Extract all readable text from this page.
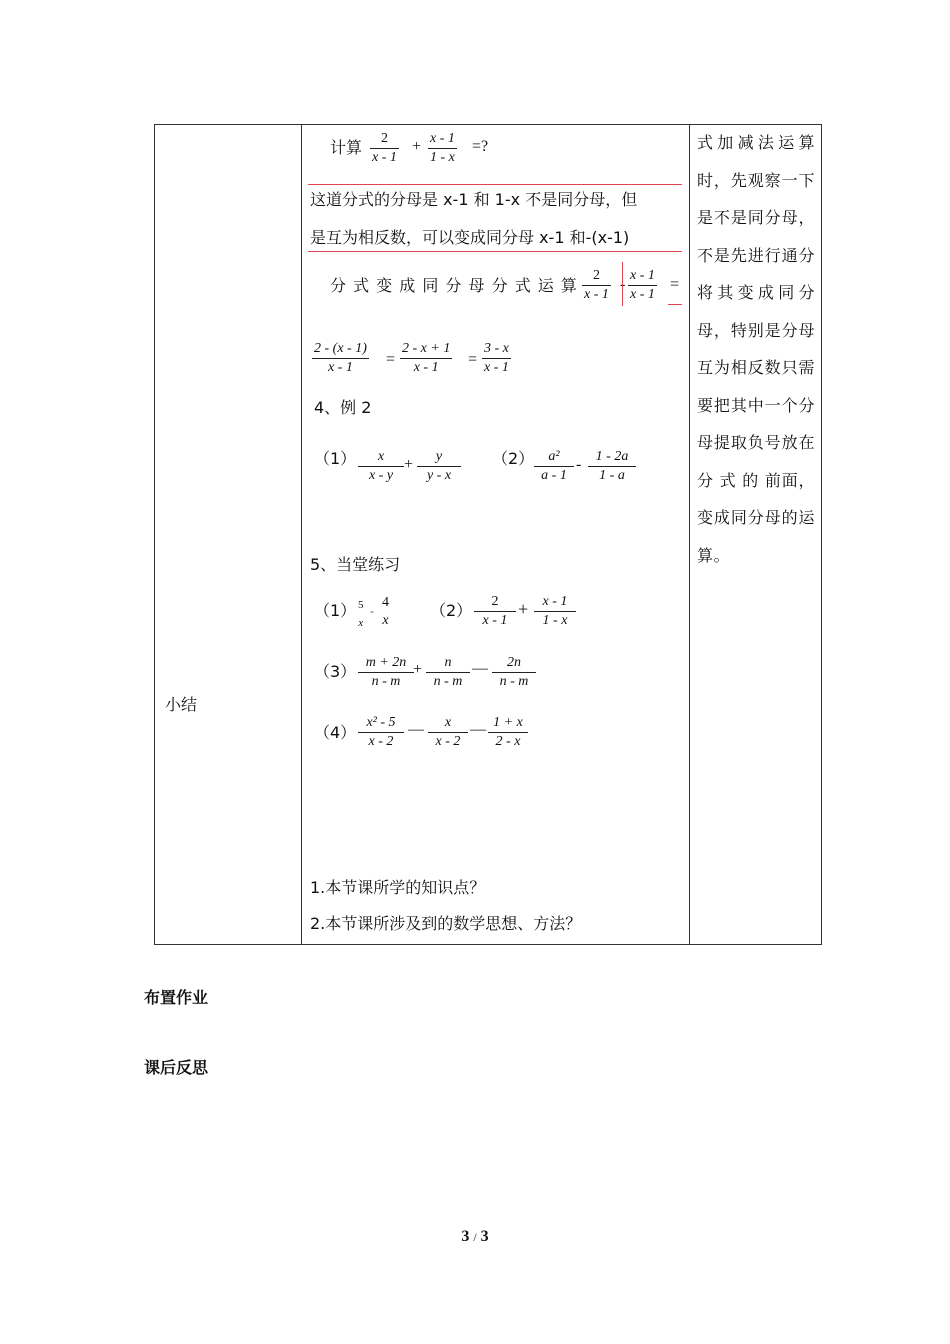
小结
计算 2
x - 1
+ x - 1
1 - x
=?
这道分式的分母是 x-1 和 1-x 不是同分母，但
是互为相反数，可以变成同分母 x-1 和-(x-1)
分 式 变 成 同 分 母 分 式 运 算
2
x - 1
-
x - 1
x - 1
=
2 - (x - 1)
x - 1 =
2 - x + 1
x - 1 =
3 - x
x - 1
4、例 2
（1） x
x - y
+ y
y - x
（2） a²
a - 1
- 1 - 2a
1 - a
5、当堂练习
（1） 5
x
-
4
x
（2） 2
x - 1
+ x - 1
1 - x
（3） m + 2n
n - m
+ n
n - m
— 2n
n - m
（4）
x² - 5
x - 2
— x
x - 2
— 1 + x
2 - x
1.本节课所学的知识点？
2.本节课所涉及到的数学思想、方法？
式加减法运算时，先观察一下是不是同分母，不是先进行通分将其变成同分母，特别是分母互为相反数只需要把其中一个分母提取负号放在 分 式 的 前面，变成同分母的运算。
布置作业
课后反思
3 / 3
